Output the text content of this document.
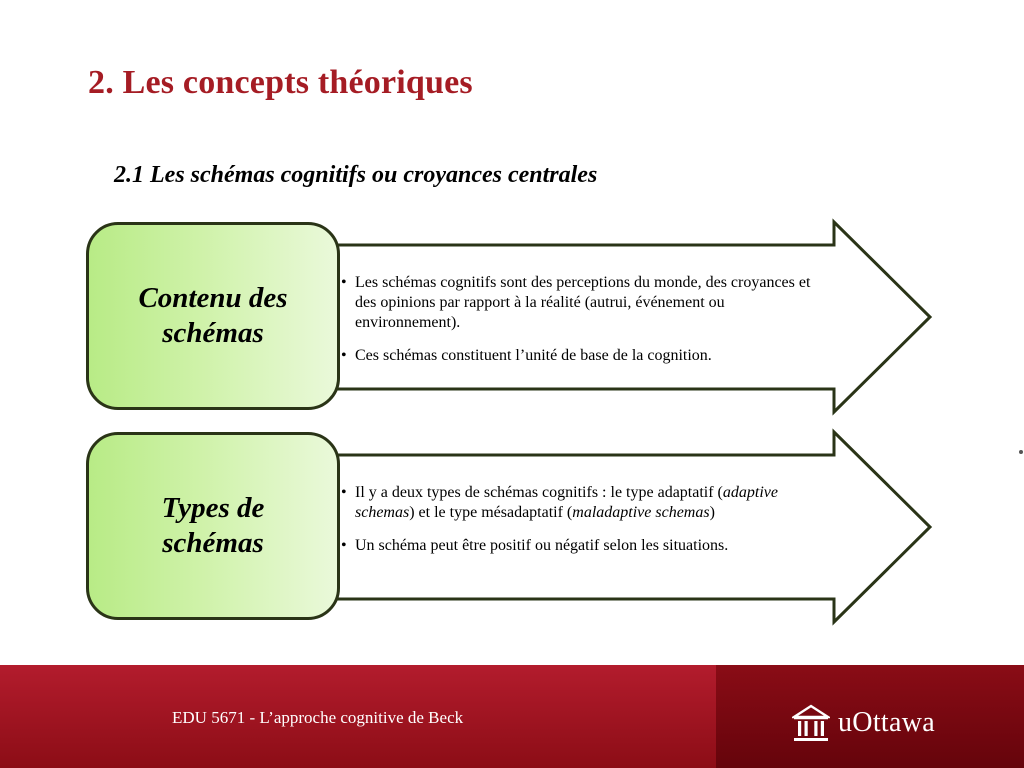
2. Les concepts théoriques
2.1 Les schémas cognitifs ou croyances centrales
Contenu des
schémas
• Les schémas cognitifs sont des perceptions du monde, des croyances et des opinions par rapport à la réalité (autrui, événement ou environnement).
• Ces schémas constituent l’unité de base de la cognition.
Types de
schémas
• Il y a deux types de schémas cognitifs : le type adaptatif (adaptive schemas) et le type mésadaptatif (maladaptive schemas)
• Un schéma peut être positif ou négatif selon les situations.
EDU 5671 - L’approche cognitive de Beck	uOttawa
